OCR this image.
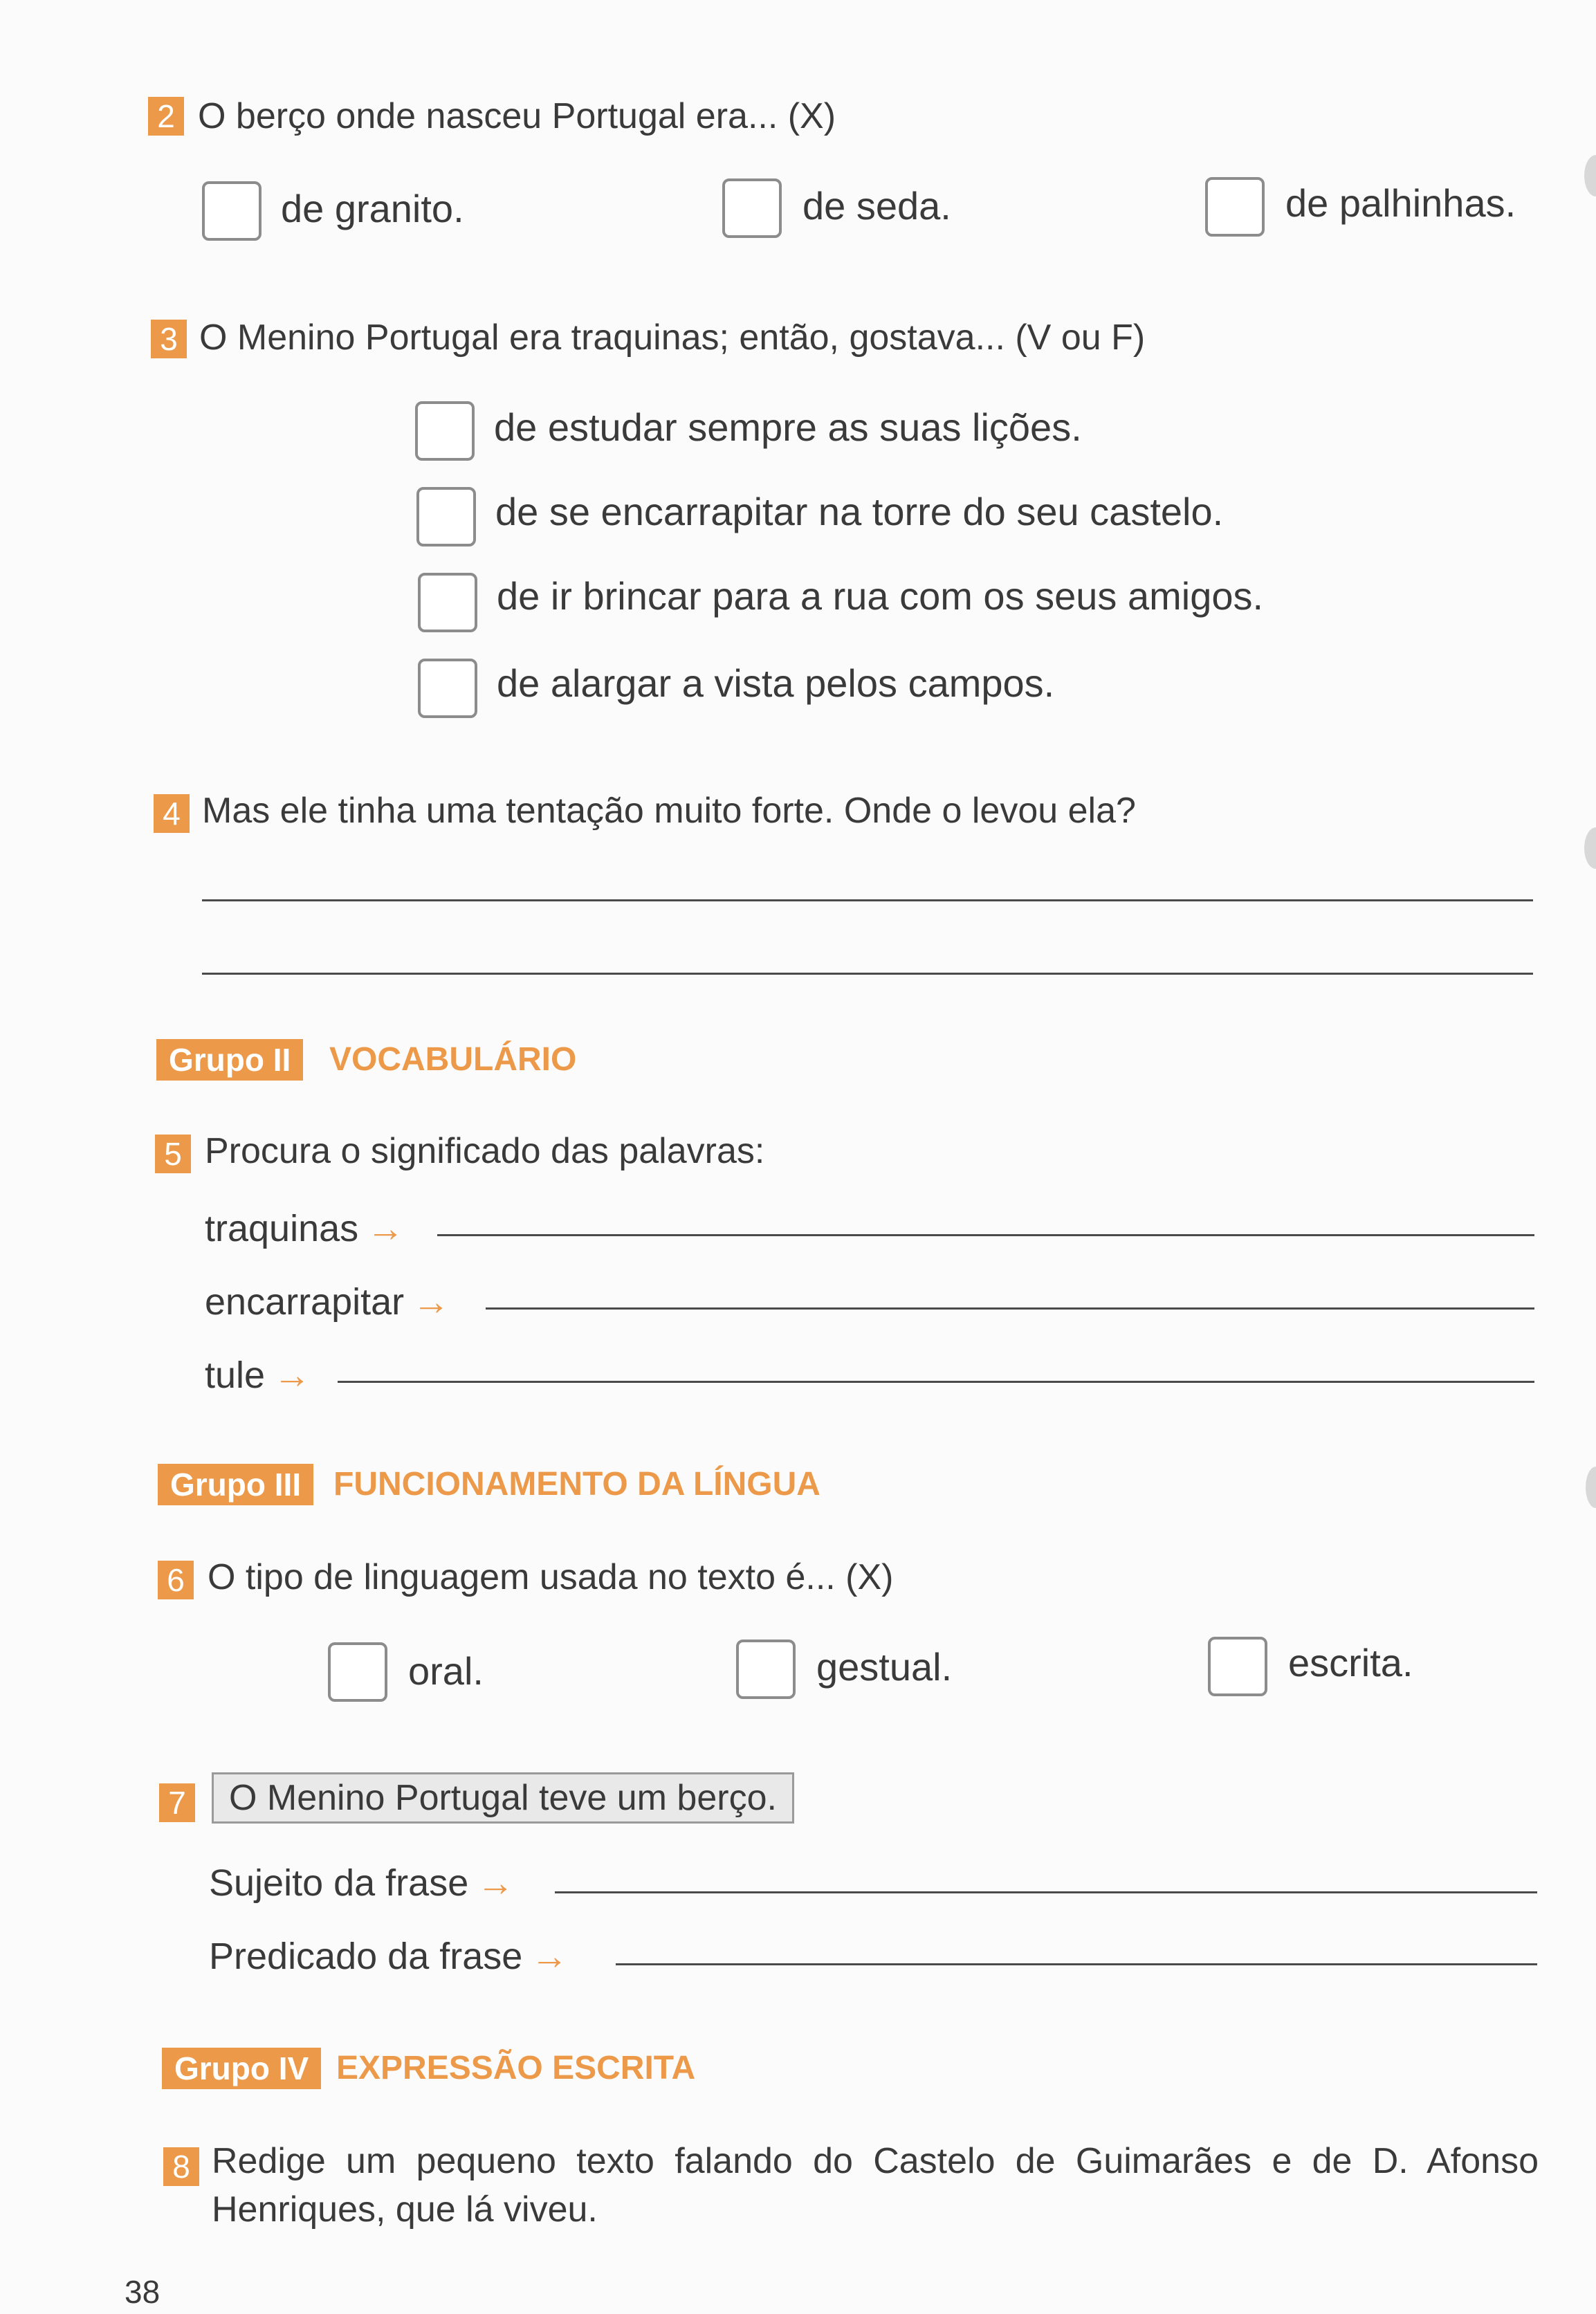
2 O berço onde nasceu Portugal era... (X)
de granito.	de seda.	de palhinhas.
3 O Menino Portugal era traquinas; então, gostava... (V ou F)
de estudar sempre as suas lições.
de se encarrapitar na torre do seu castelo.
de ir brincar para a rua com os seus amigos.
de alargar a vista pelos campos.
4 Mas ele tinha uma tentação muito forte. Onde o levou ela?
Grupo II	VOCABULÁRIO
5 Procura o significado das palavras:
traquinas →
encarrapitar →
tule →
Grupo III FUNCIONAMENTO DA LÍNGUA
6 O tipo de linguagem usada no texto é... (X)
oral.	gestual.	escrita.
7	O Menino Portugal teve um berço.
Sujeito da frase →
Predicado da frase →
Grupo IV EXPRESSÃO ESCRITA
8 Redige um pequeno texto falando do Castelo de Guimarães e de D. Afonso
Henriques, que lá viveu.
38
